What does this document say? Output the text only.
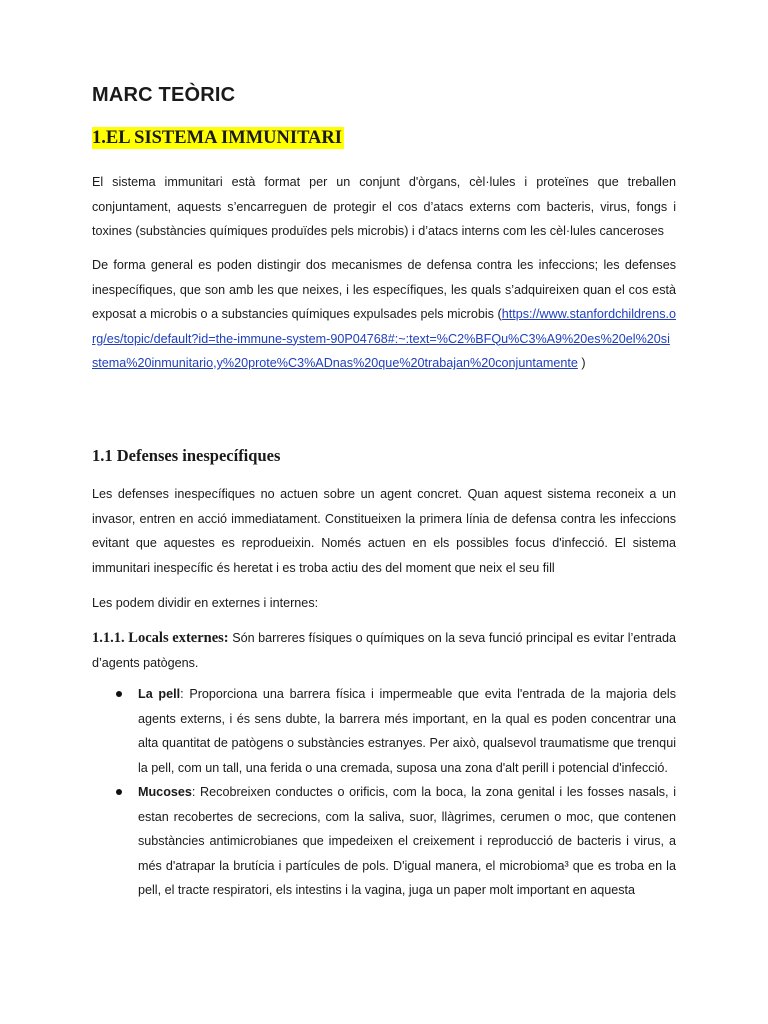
MARC TEÒRIC
1.EL SISTEMA IMMUNITARI

El sistema immunitari està format per un conjunt d'òrgans, cèl·lules i proteïnes que treballen conjuntament, aquests s’encarreguen de protegir el cos d’atacs externs com bacteris, virus, fongs i toxines (substàncies químiques produïdes pels microbis) i d’atacs interns com les cèl·lules canceroses

De forma general es poden distingir dos mecanismes de defensa contra les infeccions; les defenses inespecífiques, que son amb les que neixes, i les específiques, les quals s’adquireixen quan el cos està exposat a microbis o a substancies químiques expulsades pels microbis (https://www.stanfordchildrens.org/es/topic/default?id=the-immune-system-90P04768#:~:text=%C2%BFQu%C3%A9%20es%20el%20sistema%20inmunitario,y%20prote%C3%ADnas%20que%20trabajan%20conjuntamente )

1.1 Defenses inespecífiques

Les defenses inespecífiques no actuen sobre un agent concret. Quan aquest sistema reconeix a un invasor, entren en acció immediatament. Constitueixen la primera línia de defensa contra les infeccions evitant que aquestes es reprodueixin. Només actuen en els possibles focus d'infecció. El sistema immunitari inespecífic és heretat i es troba actiu des del moment que neix el seu fill

Les podem dividir en externes i internes:

1.1.1. Locals externes: Són barreres físiques o químiques on la seva funció principal es evitar l’entrada d’agents patògens.

La pell: Proporciona una barrera física i impermeable que evita l'entrada de la majoria dels agents externs, i és sens dubte, la barrera més important, en la qual es poden concentrar una alta quantitat de patògens o substàncies estranyes. Per això, qualsevol traumatisme que trenqui la pell, com un tall, una ferida o una cremada, suposa una zona d'alt perill i potencial d'infecció.
Mucoses: Recobreixen conductes o orificis, com la boca, la zona genital i les fosses nasals, i estan recobertes de secrecions, com la saliva, suor, llàgrimes, cerumen o moc, que contenen substàncies antimicrobianes que impedeixen el creixement i reproducció de bacteris i virus, a més d'atrapar la brutícia i partícules de pols. D'igual manera, el microbioma³ que es troba en la pell, el tracte respiratori, els intestins i la vagina, juga un paper molt important en aquesta
